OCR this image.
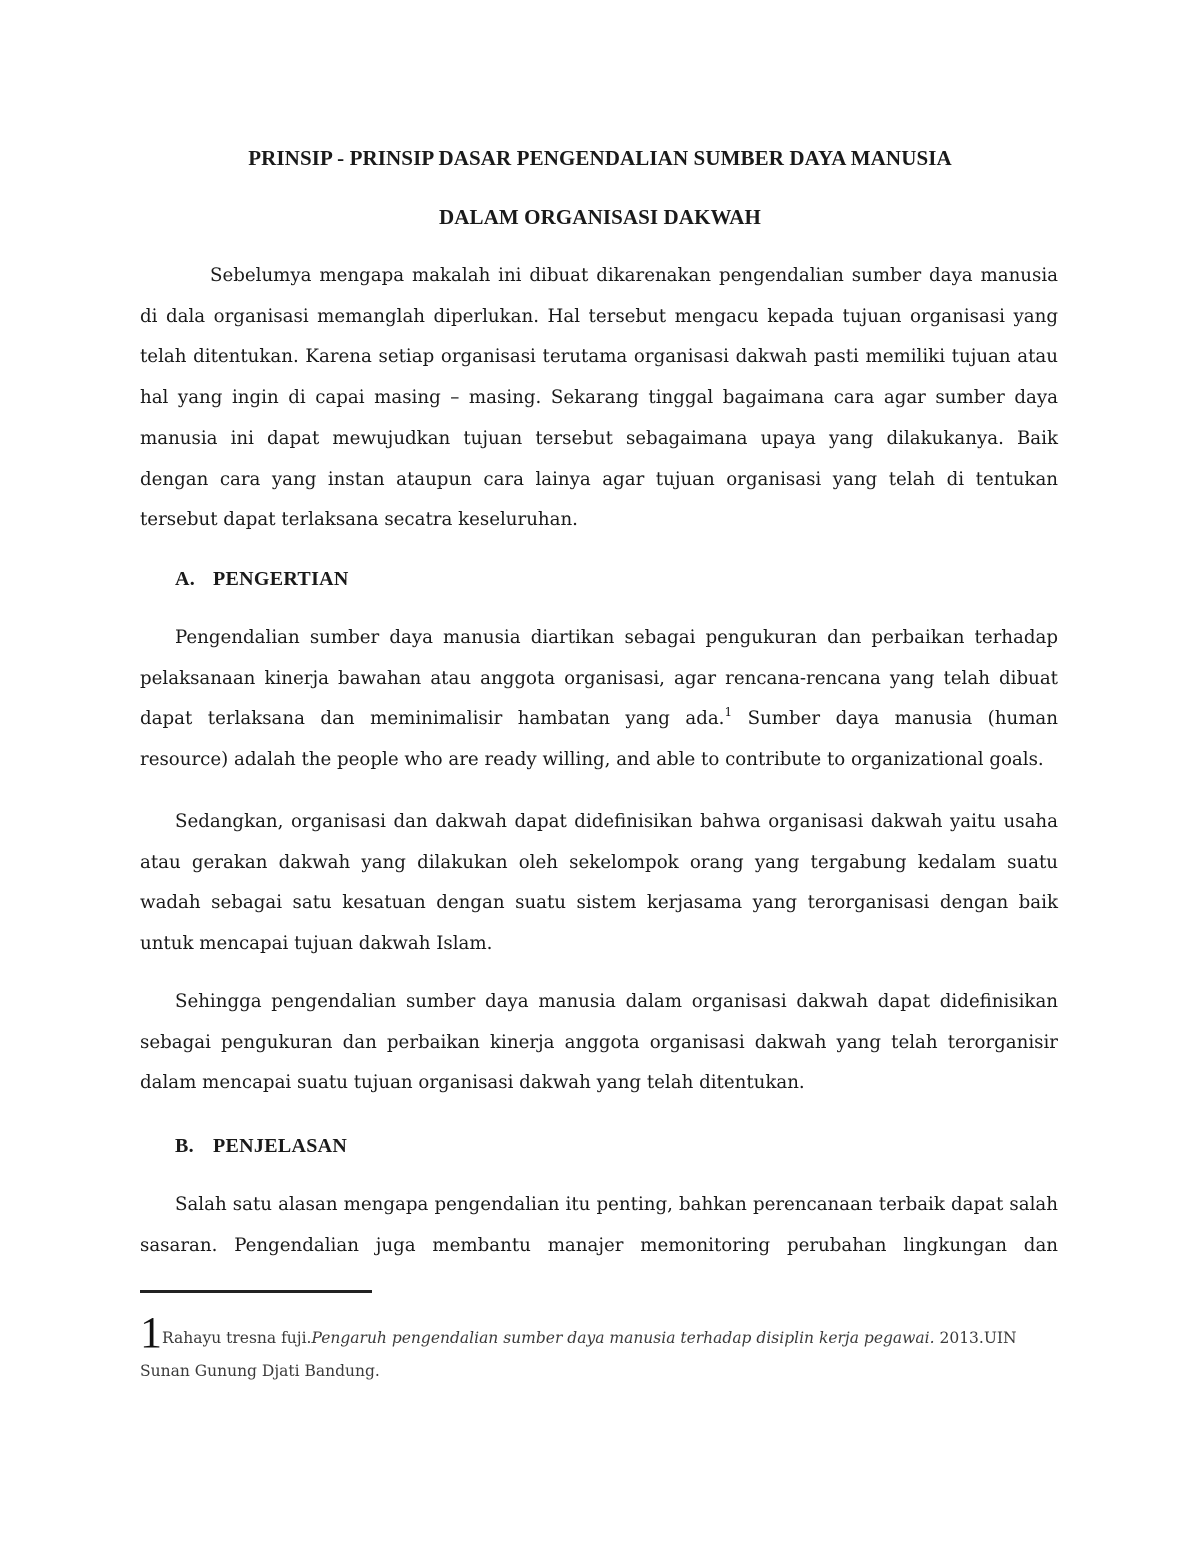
PRINSIP - PRINSIP DASAR PENGENDALIAN SUMBER DAYA MANUSIA
DALAM ORGANISASI DAKWAH
Sebelumya mengapa makalah ini dibuat dikarenakan pengendalian sumber daya manusia
di dala organisasi memanglah diperlukan. Hal tersebut mengacu kepada tujuan organisasi yang
telah ditentukan. Karena setiap organisasi terutama organisasi dakwah pasti memiliki tujuan atau
hal yang ingin di capai masing – masing. Sekarang tinggal bagaimana cara agar sumber daya
manusia ini dapat mewujudkan tujuan tersebut sebagaimana upaya yang dilakukanya. Baik
dengan cara yang instan ataupun cara lainya agar tujuan organisasi yang telah di tentukan
tersebut dapat terlaksana secatra keseluruhan.
A. PENGERTIAN
Pengendalian sumber daya manusia diartikan sebagai pengukuran dan perbaikan terhadap
pelaksanaan kinerja bawahan atau anggota organisasi, agar rencana-rencana yang telah dibuat
dapat terlaksana dan meminimalisir hambatan yang ada.$^1$ Sumber daya manusia (human
resource) adalah the people who are ready willing, and able to contribute to organizational goals.
Sedangkan, organisasi dan dakwah dapat didefinisikan bahwa organisasi dakwah yaitu usaha
atau gerakan dakwah yang dilakukan oleh sekelompok orang yang tergabung kedalam suatu
wadah sebagai satu kesatuan dengan suatu sistem kerjasama yang terorganisasi dengan baik
untuk mencapai tujuan dakwah Islam.
Sehingga pengendalian sumber daya manusia dalam organisasi dakwah dapat didefinisikan
sebagai pengukuran dan perbaikan kinerja anggota organisasi dakwah yang telah terorganisir
dalam mencapai suatu tujuan organisasi dakwah yang telah ditentukan.
B. PENJELASAN
Salah satu alasan mengapa pengendalian itu penting, bahkan perencanaan terbaik dapat salah
sasaran. Pengendalian juga membantu manajer memonitoring perubahan lingkungan dan
1Rahayu tresna fuji.Pengaruh pengendalian sumber daya manusia terhadap disiplin kerja pegawai. 2013.UIN
Sunan Gunung Djati Bandung.
